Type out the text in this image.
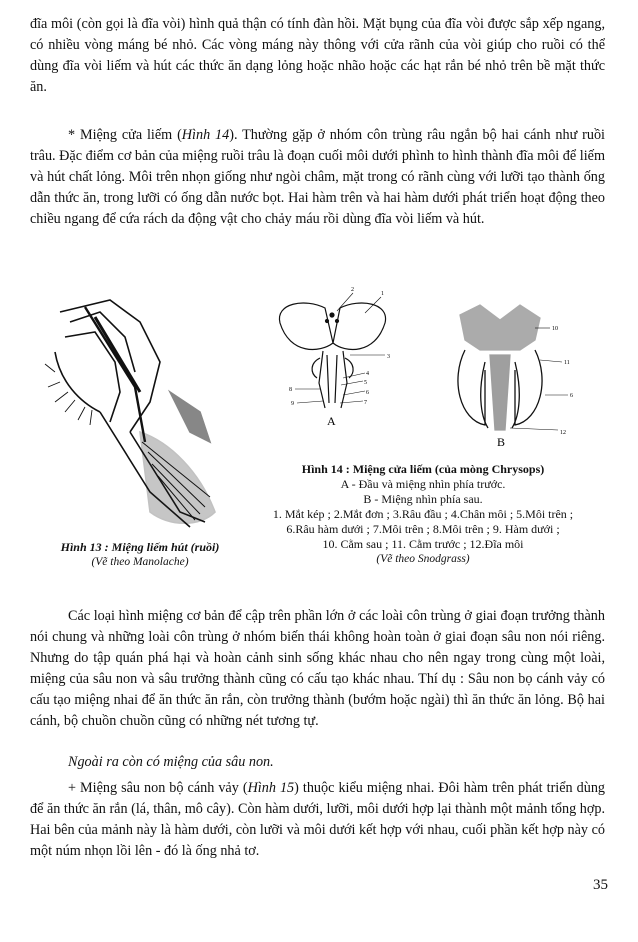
đĩa môi (còn gọi là đĩa vòi) hình quả thận có tính đàn hồi. Mặt bụng của đĩa vòi được sắp xếp ngang, có nhiều vòng máng bé nhỏ. Các vòng máng này thông với cửa rãnh của vòi giúp cho ruồi có thể dùng đĩa vòi liếm và hút các thức ăn dạng lỏng hoặc nhão hoặc các hạt rắn bé nhỏ trên bề mặt thức ăn.

* Miệng cửa liếm (Hình 14). Thường gặp ở nhóm côn trùng râu ngắn bộ hai cánh như ruồi trâu. Đặc điểm cơ bản của miệng ruồi trâu là đoạn cuối môi dưới phình to hình thành đĩa môi để liếm và hút chất lỏng. Môi trên nhọn giống như ngòi châm, mặt trong có rãnh cùng với lưỡi tạo thành ống dẫn thức ăn, trong lưỡi có ống dẫn nước bọt. Hai hàm trên và hai hàm dưới phát triển hoạt động theo chiều ngang để cứa rách da động vật cho chảy máu rồi dùng đĩa vòi liếm và hút.

2
1
3
4
5
6
7
8
9
A
10
11
6
12
B
Hình 14 : Miệng cửa liếm (của mòng Chrysops)
A - Đầu và miệng nhìn phía trước.
B - Miệng nhìn phía sau.
1. Mắt kép ; 2.Mắt đơn ; 3.Râu đầu ; 4.Chân môi ; 5.Môi trên ;
6.Râu hàm dưới ; 7.Môi trên ; 8.Môi trên ; 9. Hàm dưới ;
10. Cằm sau ; 11. Cằm trước ; 12.Đĩa môi
(Vẽ theo Snodgrass)
Hình 13 : Miệng liếm hút (ruồi)
(Vẽ theo Manolache)

Các loại hình miệng cơ bản để cập trên phần lớn ở các loài côn trùng ở giai đoạn trưởng thành nói chung và những loài côn trùng ở nhóm biến thái không hoàn toàn ở giai đoạn sâu non nói riêng. Nhưng do tập quán phá hại và hoàn cảnh sinh sống khác nhau cho nên ngay trong cùng một loài, miệng của sâu non và sâu trưởng thành cũng có cấu tạo khác nhau. Thí dụ : Sâu non bọ cánh vảy có cấu tạo miệng nhai để ăn thức ăn rắn, còn trưởng thành (bướm hoặc ngài) thì ăn thức ăn lỏng. Bộ hai cánh, bộ chuồn chuồn cũng có những nét tương tự.

Ngoài ra còn có miệng của sâu non.

+ Miệng sâu non bộ cánh vảy (Hình 15) thuộc kiểu miệng nhai. Đôi hàm trên phát triển dùng để ăn thức ăn rắn (lá, thân, mô cây). Còn hàm dưới, lưỡi, môi dưới hợp lại thành một mảnh tổng hợp. Hai bên của mảnh này là hàm dưới, còn lưỡi và môi dưới kết hợp với nhau, cuối phần kết hợp này có một núm nhọn lồi lên - đó là ống nhả tơ.

35
